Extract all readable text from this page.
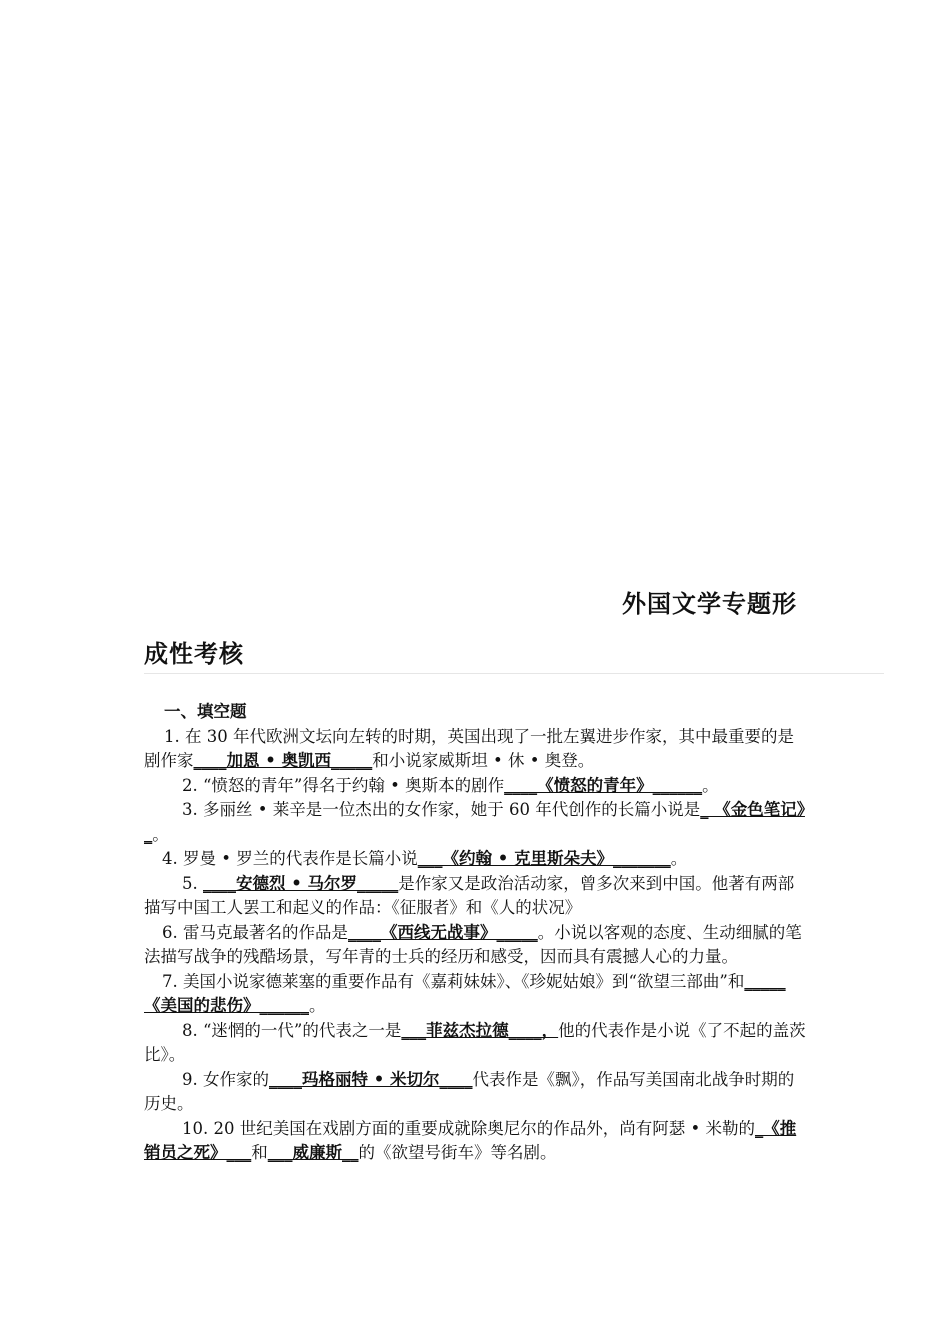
外国文学专题形
成性考核
一、填空题

1. 在 30 年代欧洲文坛向左转的时期，英国出现了一批左翼进步作家，其中最重要的是剧作家____加恩 • 奥凯西_____和小说家威斯坦 • 休 • 奥登。

2. “愤怒的青年”得名于约翰 • 奥斯本的剧作____《愤怒的青年》______。

3. 多丽丝 • 莱辛是一位杰出的女作家，她于 60 年代创作的长篇小说是_ 《金色笔记》_。

4. 罗曼 • 罗兰的代表作是长篇小说___《约翰 • 克里斯朵夫》_______。

5. ____安德烈 • 马尔罗_____是作家又是政治活动家，曾多次来到中国。他著有两部描写中国工人罢工和起义的作品：《征服者》和《人的状况》

6. 雷马克最著名的作品是____《西线无战事》_____。小说以客观的态度、生动细腻的笔法描写战争的残酷场景，写年青的士兵的经历和感受，因而具有震撼人心的力量。

7. 美国小说家德莱塞的重要作品有《嘉莉妹妹》、《珍妮姑娘》到“欲望三部曲”和_____《美国的悲伤》______。

8. “迷惘的一代”的代表之一是___菲兹杰拉德____，他的代表作是小说《了不起的盖茨比》。

9. 女作家的____玛格丽特 • 米切尔____代表作是《飘》，作品写美国南北战争时期的历史。

10. 20 世纪美国在戏剧方面的重要成就除奥尼尔的作品外，尚有阿瑟 • 米勒的_《推销员之死》___和___威廉斯__的《欲望号街车》等名剧。
